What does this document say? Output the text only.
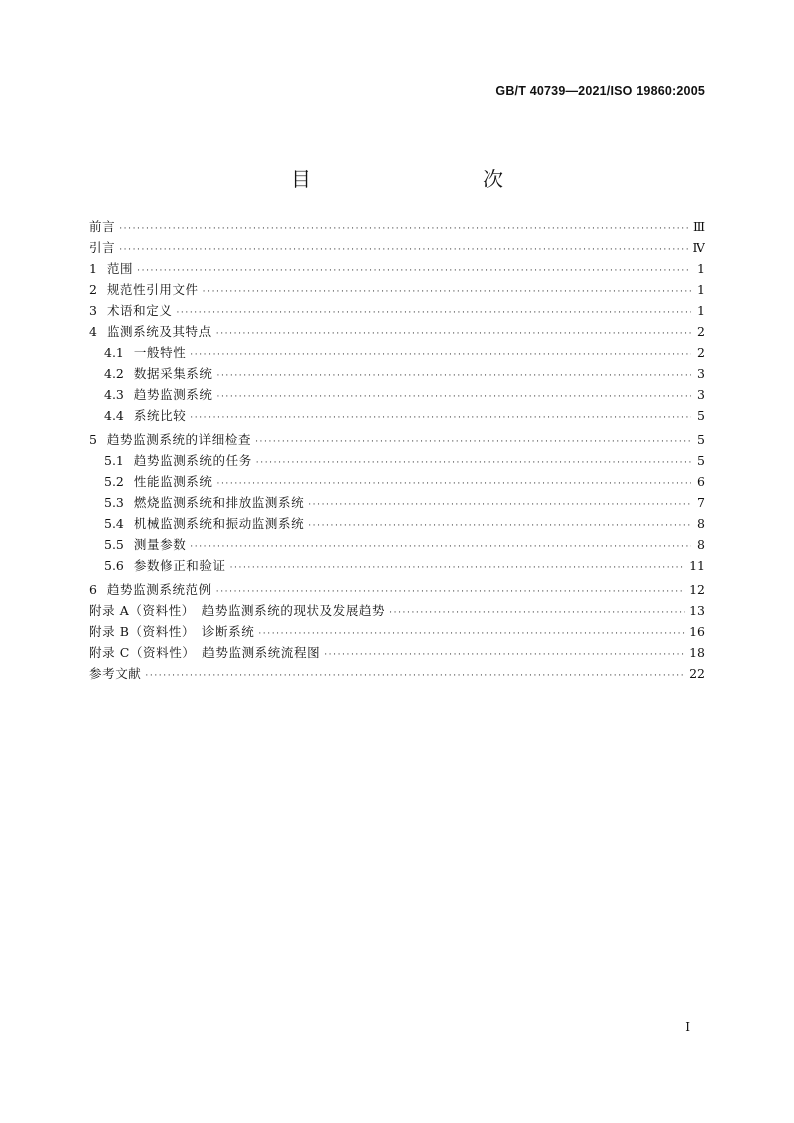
GB/T 40739—2021/ISO 19860:2005
目　　次
前言 ·····	Ⅲ
引言 ·····	Ⅳ
1 范围 ·····	1
2 规范性引用文件 ·····	1
3 术语和定义 ·····	1
4 监测系统及其特点 ·····	2
4.1 一般特性 ·····	2
4.2 数据采集系统 ·····	3
4.3 趋势监测系统 ·····	3
4.4 系统比较 ·····	5
5 趋势监测系统的详细检查 ·····	5
5.1 趋势监测系统的任务 ·····	5
5.2 性能监测系统 ·····	6
5.3 燃烧监测系统和排放监测系统 ·····	7
5.4 机械监测系统和振动监测系统 ·····	8
5.5 测量参数 ·····	8
5.6 参数修正和验证 ·····	11
6 趋势监测系统范例 ·····	12
附录 A（资料性）　趋势监测系统的现状及发展趋势 ·····	13
附录 B（资料性）　诊断系统 ·····	16
附录 C（资料性）　趋势监测系统流程图 ·····	18
参考文献 ·····	22
I
